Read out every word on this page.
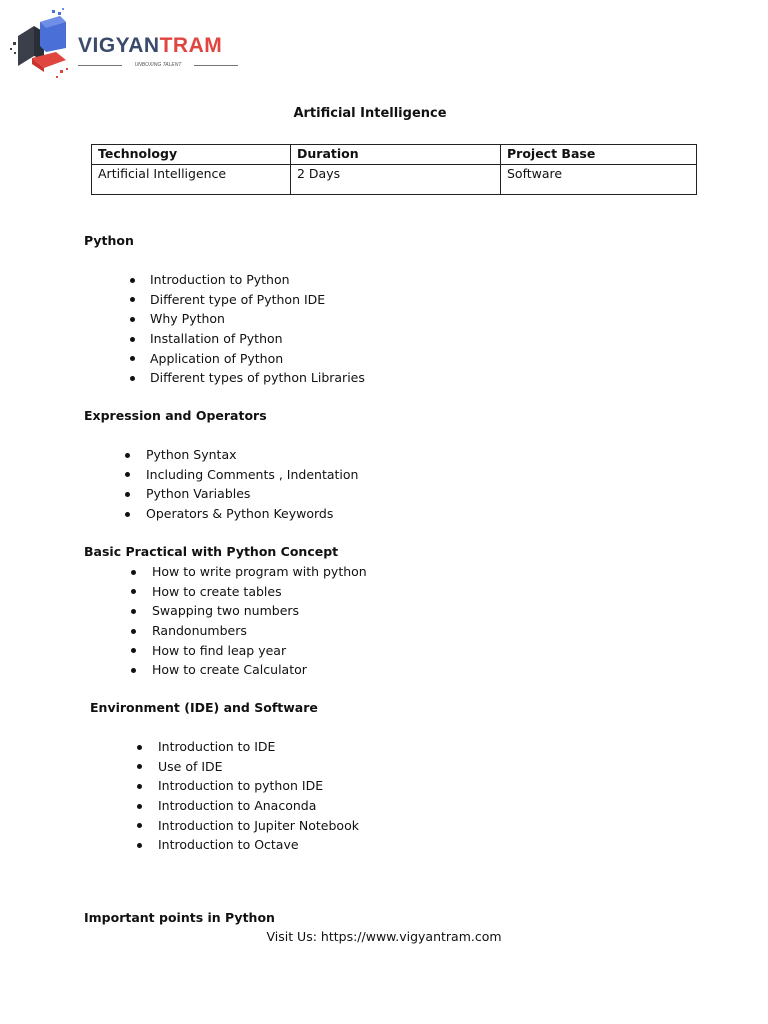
VIGYANTRAM
UNBOXING TALENT
Artificial Intelligence
Technology	Duration	Project Base
Artificial Intelligence	2 Days	Software
Python
Introduction to Python
Different type of Python IDE
Why Python
Installation of Python
Application of Python
Different types of python Libraries
Expression and Operators
Python Syntax
Including Comments , Indentation
Python Variables
Operators & Python Keywords
Basic Practical with Python Concept
How to write program with python
How to create tables
Swapping two numbers
Randonumbers
How to find leap year
How to create Calculator
Environment (IDE) and Software
Introduction to IDE
Use of IDE
Introduction to python IDE
Introduction to Anaconda
Introduction to Jupiter Notebook
Introduction to Octave
Important points in Python
Visit Us: https://www.vigyantram.com
